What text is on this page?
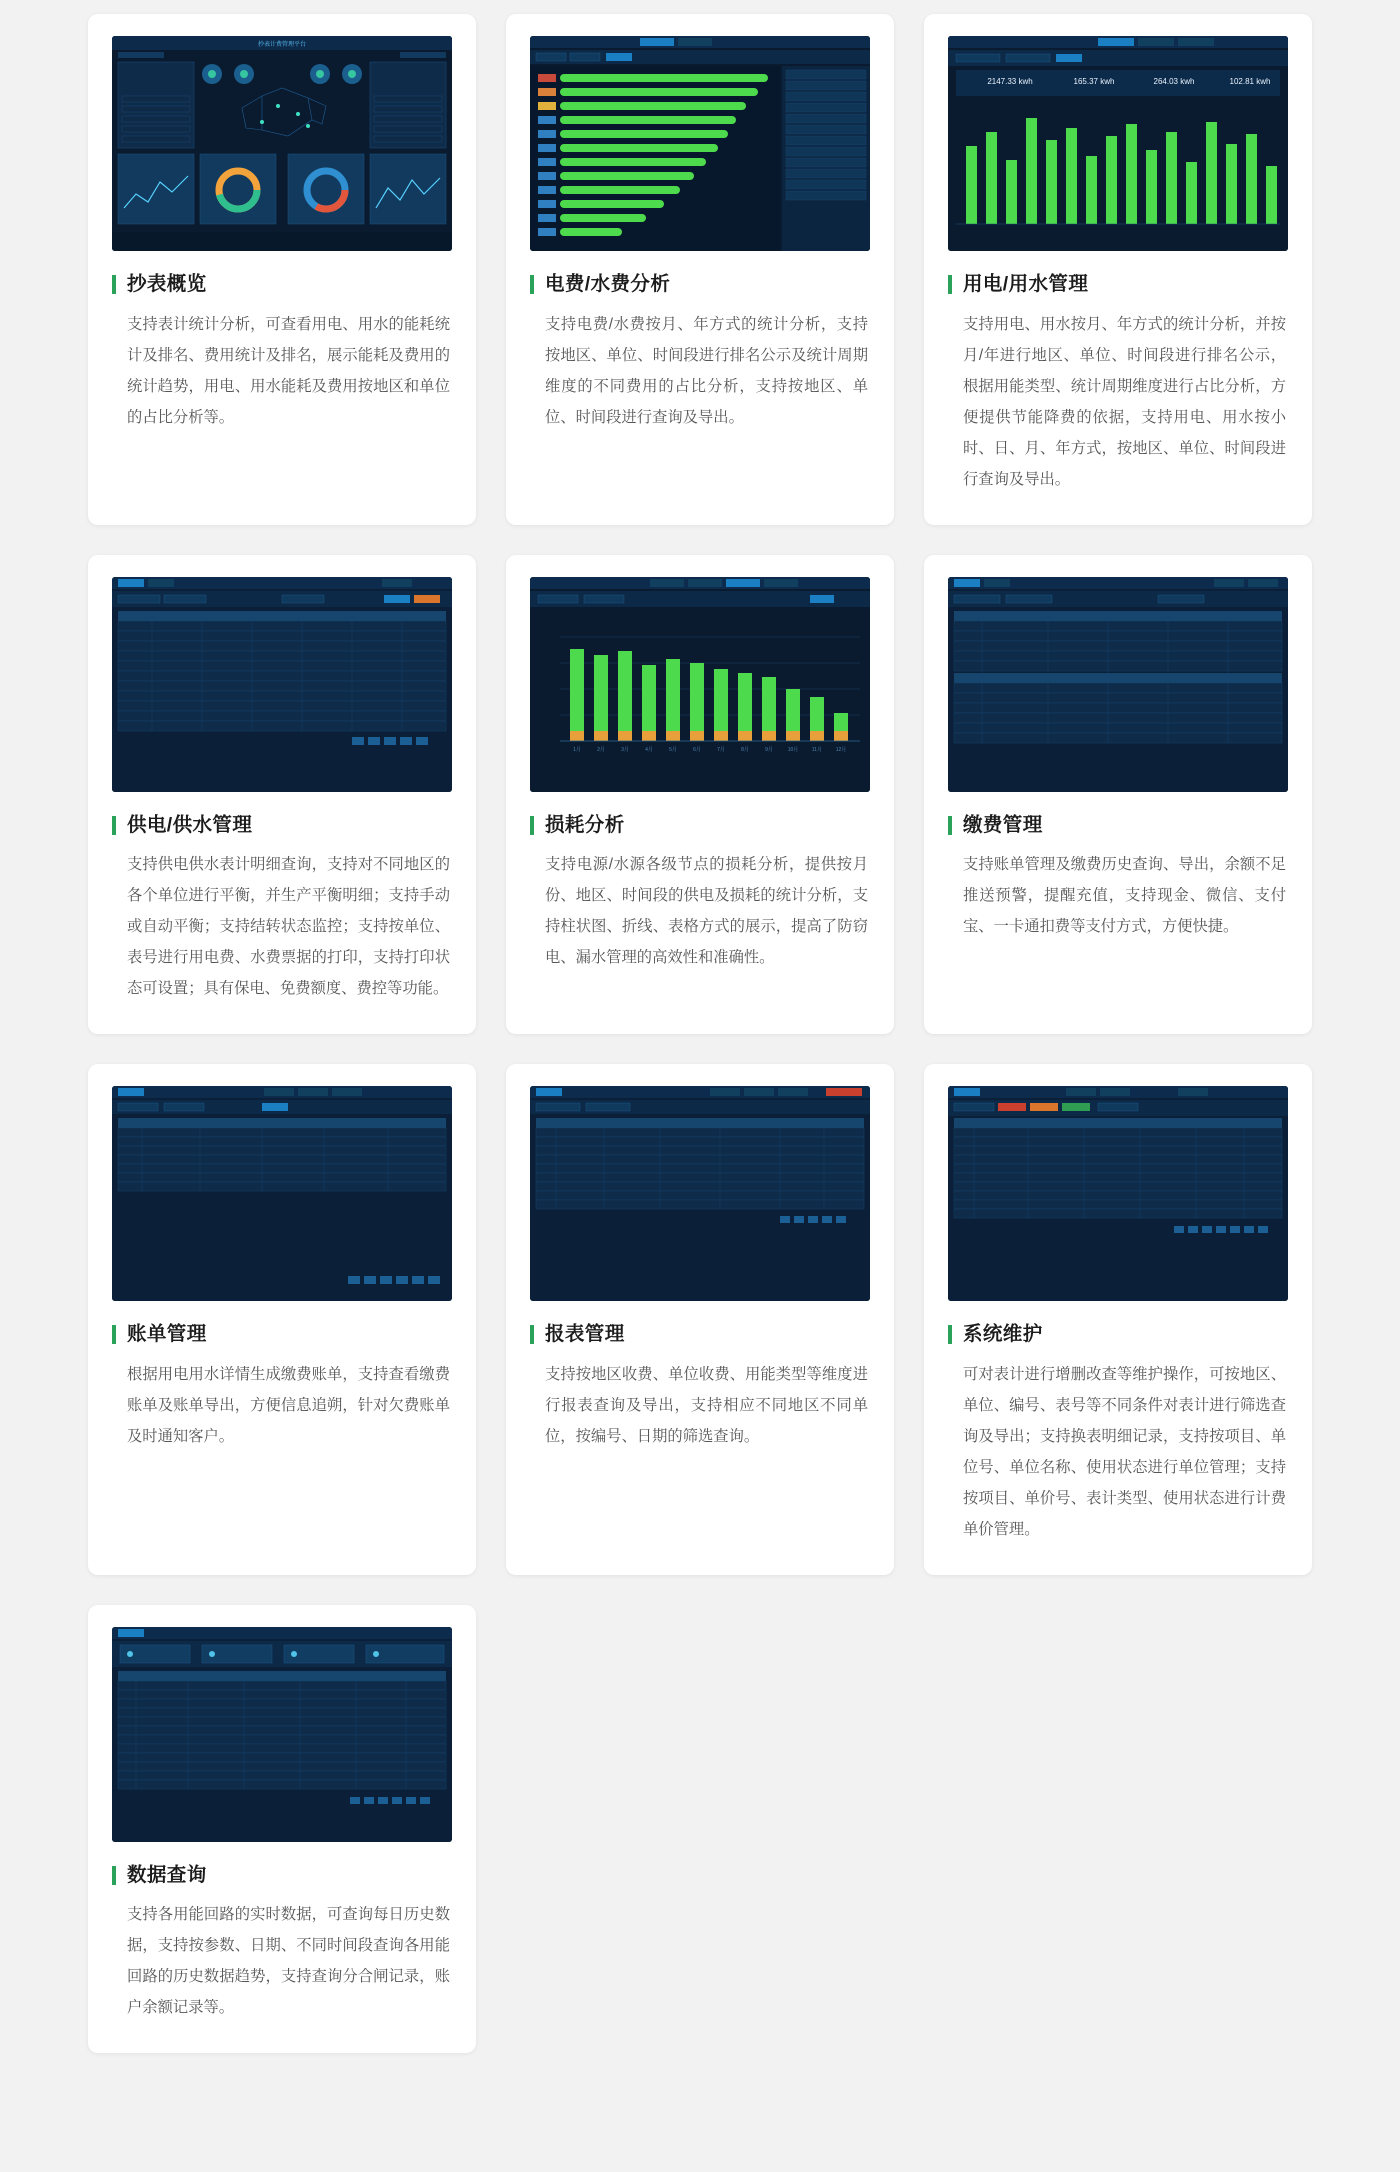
抄表计费管理平台
抄表概览

支持表计统计分析，可查看用电、用水的能耗统计及排名、费用统计及排名，展示能耗及费用的统计趋势，用电、用水能耗及费用按地区和单位的占比分析等。

电费/水费分析

支持电费/水费按月、年方式的统计分析，支持按地区、单位、时间段进行排名公示及统计周期维度的不同费用的占比分析，支持按地区、单位、时间段进行查询及导出。

2147.33 kwh	165.37 kwh	264.03 kwh	102.81 kwh
用电/用水管理

支持用电、用水按月、年方式的统计分析，并按月/年进行地区、单位、时间段进行排名公示，根据用能类型、统计周期维度进行占比分析，方便提供节能降费的依据，支持用电、用水按小时、日、月、年方式，按地区、单位、时间段进行查询及导出。

供电/供水管理

支持供电供水表计明细查询，支持对不同地区的各个单位进行平衡，并生产平衡明细；支持手动或自动平衡；支持结转状态监控；支持按单位、表号进行用电费、水费票据的打印，支持打印状态可设置；具有保电、免费额度、费控等功能。

1月	2月	3月	4月	5月	6月	7月	8月	9月	10月	11月	12月
损耗分析

支持电源/水源各级节点的损耗分析，提供按月份、地区、时间段的供电及损耗的统计分析，支持柱状图、折线、表格方式的展示，提高了防窃电、漏水管理的高效性和准确性。

缴费管理

支持账单管理及缴费历史查询、导出，余额不足推送预警，提醒充值，支持现金、微信、支付宝、一卡通扣费等支付方式，方便快捷。

账单管理

根据用电用水详情生成缴费账单，支持查看缴费账单及账单导出，方便信息追朔，针对欠费账单及时通知客户。

报表管理

支持按地区收费、单位收费、用能类型等维度进行报表查询及导出，支持相应不同地区不同单位，按编号、日期的筛选查询。

系统维护

可对表计进行增删改查等维护操作，可按地区、单位、编号、表号等不同条件对表计进行筛选查询及导出；支持换表明细记录，支持按项目、单位号、单位名称、使用状态进行单位管理；支持按项目、单价号、表计类型、使用状态进行计费单价管理。

数据查询

支持各用能回路的实时数据，可查询每日历史数据，支持按参数、日期、不同时间段查询各用能回路的历史数据趋势，支持查询分合闸记录，账户余额记录等。
